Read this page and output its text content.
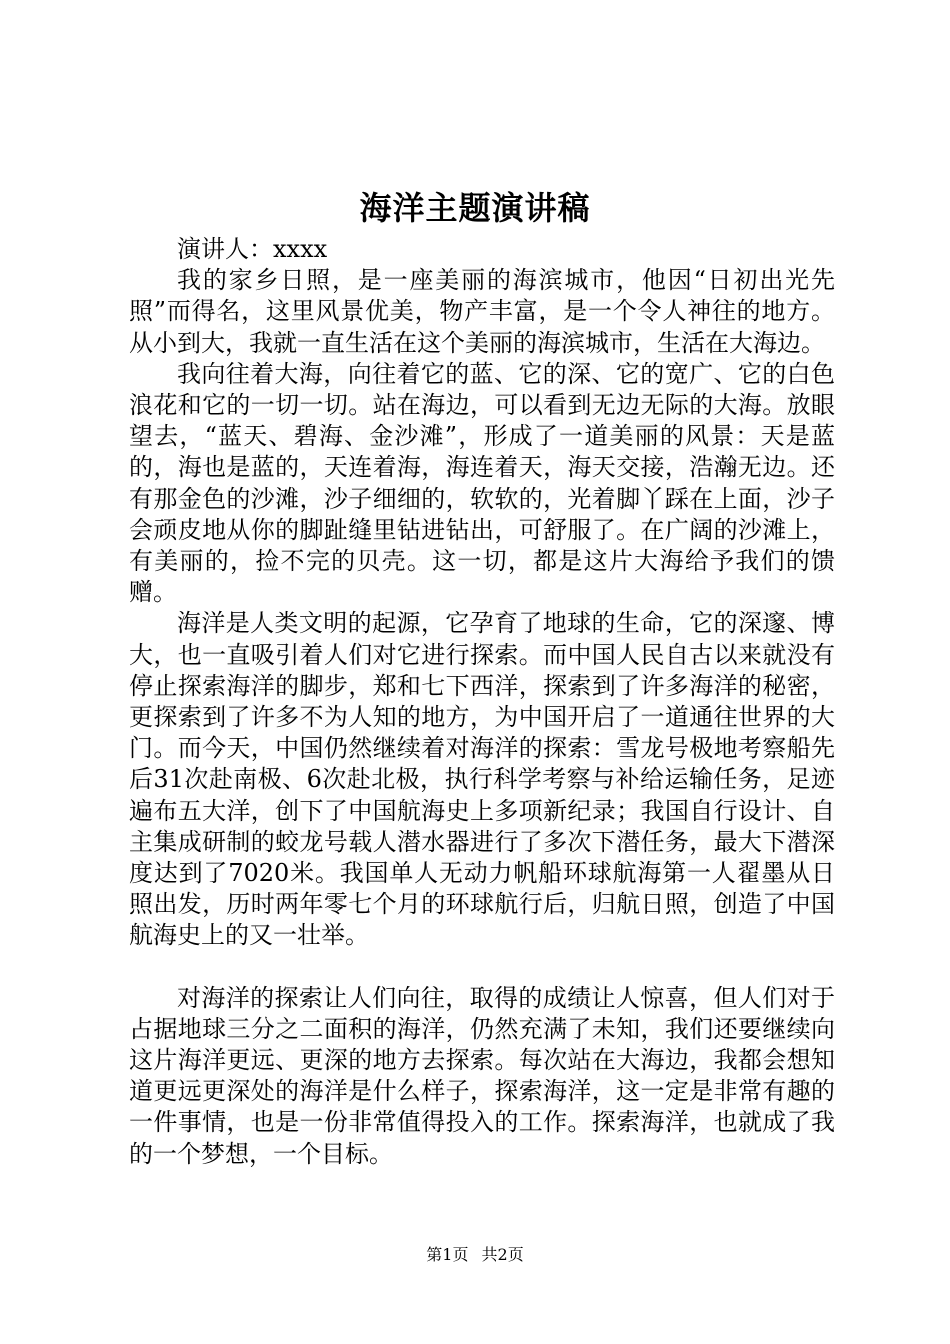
海洋主题演讲稿

演讲人：xxxx

我的家乡日照，是一座美丽的海滨城市，他因“日初出光先照”而得名，这里风景优美，物产丰富，是一个令人神往的地方。从小到大，我就一直生活在这个美丽的海滨城市，生活在大海边。

我向往着大海，向往着它的蓝、它的深、它的宽广、它的白色浪花和它的一切一切。站在海边，可以看到无边无际的大海。放眼望去，“蓝天、碧海、金沙滩”，形成了一道美丽的风景：天是蓝的，海也是蓝的，天连着海，海连着天，海天交接，浩瀚无边。还有那金色的沙滩，沙子细细的，软软的，光着脚丫踩在上面，沙子会顽皮地从你的脚趾缝里钻进钻出，可舒服了。在广阔的沙滩上，有美丽的，捡不完的贝壳。这一切，都是这片大海给予我们的馈赠。

海洋是人类文明的起源，它孕育了地球的生命，它的深邃、博大，也一直吸引着人们对它进行探索。而中国人民自古以来就没有停止探索海洋的脚步，郑和七下西洋，探索到了许多海洋的秘密，更探索到了许多不为人知的地方，为中国开启了一道通往世界的大门。而今天，中国仍然继续着对海洋的探索：雪龙号极地考察船先后31次赴南极、6次赴北极，执行科学考察与补给运输任务，足迹遍布五大洋，创下了中国航海史上多项新纪录；我国自行设计、自主集成研制的蛟龙号载人潜水器进行了多次下潜任务，最大下潜深度达到了7020米。我国单人无动力帆船环球航海第一人翟墨从日照出发，历时两年零七个月的环球航行后，归航日照，创造了中国航海史上的又一壮举。

对海洋的探索让人们向往，取得的成绩让人惊喜，但人们对于占据地球三分之二面积的海洋，仍然充满了未知，我们还要继续向这片海洋更远、更深的地方去探索。每次站在大海边，我都会想知道更远更深处的海洋是什么样子，探索海洋，这一定是非常有趣的一件事情，也是一份非常值得投入的工作。探索海洋，也就成了我的一个梦想，一个目标。

第1页 共2页
